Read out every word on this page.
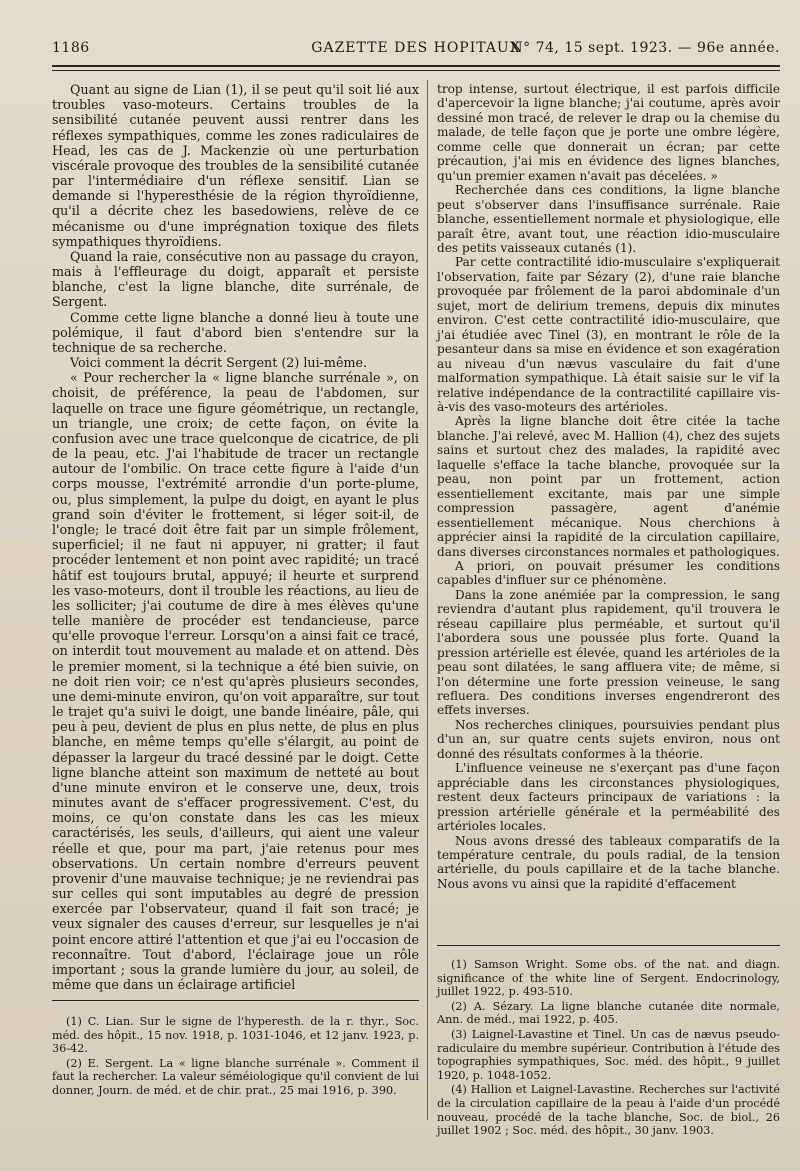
1186	GAZETTE DES HOPITAUX
N° 74, 15 sept. 1923. — 96e année.

Quant au signe de Lian (1), il se peut qu'il soit lié aux troubles vaso-moteurs. Certains troubles de la sensibilité cutanée peuvent aussi rentrer dans les réflexes sympathiques, comme les zones radiculaires de Head, les cas de J. Mackenzie où une perturbation viscérale provoque des troubles de la sensibilité cutanée par l'intermédiaire d'un réflexe sensitif. Lian se demande si l'hyperesthésie de la région thyroïdienne, qu'il a décrite chez les basedowiens, relève de ce mécanisme ou d'une imprégnation toxique des filets sympathiques thyroïdiens.

Quand la raie, consécutive non au passage du crayon, mais à l'effleurage du doigt, apparaît et persiste blanche, c'est la ligne blanche, dite surrénale, de Sergent.

Comme cette ligne blanche a donné lieu à toute une polémique, il faut d'abord bien s'entendre sur la technique de sa recherche.

Voici comment la décrit Sergent (2) lui-même.

« Pour rechercher la « ligne blanche surrénale », on choisit, de préférence, la peau de l'abdomen, sur laquelle on trace une figure géométrique, un rectangle, un triangle, une croix; de cette façon, on évite la confusion avec une trace quelconque de cicatrice, de pli de la peau, etc. J'ai l'habitude de tracer un rectangle autour de l'ombilic. On trace cette figure à l'aide d'un corps mousse, l'extrémité arrondie d'un porte-plume, ou, plus simplement, la pulpe du doigt, en ayant le plus grand soin d'éviter le frottement, si léger soit-il, de l'ongle; le tracé doit être fait par un simple frôlement, superficiel; il ne faut ni appuyer, ni gratter; il faut procéder lentement et non point avec rapidité; un tracé hâtif est toujours brutal, appuyé; il heurte et surprend les vaso-moteurs, dont il trouble les réactions, au lieu de les solliciter; j'ai coutume de dire à mes élèves qu'une telle manière de procéder est tendancieuse, parce qu'elle provoque l'erreur. Lorsqu'on a ainsi fait ce tracé, on interdit tout mouvement au malade et on attend. Dès le premier moment, si la technique a été bien suivie, on ne doit rien voir; ce n'est qu'après plusieurs secondes, une demi-minute environ, qu'on voit apparaître, sur tout le trajet qu'a suivi le doigt, une bande linéaire, pâle, qui peu à peu, devient de plus en plus nette, de plus en plus blanche, en même temps qu'elle s'élargit, au point de dépasser la largeur du tracé dessiné par le doigt. Cette ligne blanche atteint son maximum de netteté au bout d'une minute environ et le conserve une, deux, trois minutes avant de s'effacer progressivement. C'est, du moins, ce qu'on constate dans les cas les mieux caractérisés, les seuls, d'ailleurs, qui aient une valeur réelle et que, pour ma part, j'aie retenus pour mes observations. Un certain nombre d'erreurs peuvent provenir d'une mauvaise technique; je ne reviendrai pas sur celles qui sont imputables au degré de pression exercée par l'observateur, quand il fait son tracé; je veux signaler des causes d'erreur, sur lesquelles je n'ai point encore attiré l'attention et que j'ai eu l'occasion de reconnaître. Tout d'abord, l'éclairage joue un rôle important ; sous la grande lumière du jour, au soleil, de même que dans un éclairage artificiel

trop intense, surtout électrique, il est parfois difficile d'apercevoir la ligne blanche; j'ai coutume, après avoir dessiné mon tracé, de relever le drap ou la chemise du malade, de telle façon que je porte une ombre légère, comme celle que donnerait un écran; par cette précaution, j'ai mis en évidence des lignes blanches, qu'un premier examen n'avait pas décelées. »

Recherchée dans ces conditions, la ligne blanche peut s'observer dans l'insuffisance surrénale. Raie blanche, essentiellement normale et physiologique, elle paraît être, avant tout, une réaction idio-musculaire des petits vaisseaux cutanés (1).

Par cette contractilité idio-musculaire s'expliquerait l'observation, faite par Sézary (2), d'une raie blanche provoquée par frôlement de la paroi abdominale d'un sujet, mort de delirium tremens, depuis dix minutes environ. C'est cette contractilité idio-musculaire, que j'ai étudiée avec Tinel (3), en montrant le rôle de la pesanteur dans sa mise en évidence et son exagération au niveau d'un nævus vasculaire du fait d'une malformation sympathique. Là était saisie sur le vif la relative indépendance de la contractilité capillaire vis-à-vis des vaso-moteurs des artérioles.

Après la ligne blanche doit être citée la tache blanche. J'ai relevé, avec M. Hallion (4), chez des sujets sains et surtout chez des malades, la rapidité avec laquelle s'efface la tache blanche, provoquée sur la peau, non point par un frottement, action essentiellement excitante, mais par une simple compression passagère, agent d'anémie essentiellement mécanique. Nous cherchions à apprécier ainsi la rapidité de la circulation capillaire, dans diverses circonstances normales et pathologiques.

A priori, on pouvait présumer les conditions capables d'influer sur ce phénomène.

Dans la zone anémiée par la compression, le sang reviendra d'autant plus rapidement, qu'il trouvera le réseau capillaire plus perméable, et surtout qu'il l'abordera sous une poussée plus forte. Quand la pression artérielle est élevée, quand les artérioles de la peau sont dilatées, le sang affluera vite; de même, si l'on détermine une forte pression veineuse, le sang refluera. Des conditions inverses engendreront des effets inverses.

Nos recherches cliniques, poursuivies pendant plus d'un an, sur quatre cents sujets environ, nous ont donné des résultats conformes à la théorie.

L'influence veineuse ne s'exerçant pas d'une façon appréciable dans les circonstances physiologiques, restent deux facteurs principaux de variations : la pression artérielle générale et la perméabilité des artérioles locales.

Nous avons dressé des tableaux comparatifs de la température centrale, du pouls radial, de la tension artérielle, du pouls capillaire et de la tache blanche. Nous avons vu ainsi que la rapidité d'effacement

(1) C. Lian. Sur le signe de l'hyperesth. de la r. thyr., Soc. méd. des hôpit., 15 nov. 1918, p. 1031-1046, et 12 janv. 1923, p. 36-42.

(2) E. Sergent. La « ligne blanche surrénale ». Comment il faut la rechercher. La valeur séméiologique qu'il convient de lui donner, Journ. de méd. et de chir. prat., 25 mai 1916, p. 390.

(1) Samson Wright. Some obs. of the nat. and diagn. significance of the white line of Sergent. Endocrinology, juillet 1922, p. 493-510.

(2) A. Sézary. La ligne blanche cutanée dite normale, Ann. de méd., mai 1922, p. 405.

(3) Laignel-Lavastine et Tinel. Un cas de nævus pseudo-radiculaire du membre supérieur. Contribution à l'étude des topographies sympathiques, Soc. méd. des hôpit., 9 juillet 1920, p. 1048-1052.

(4) Hallion et Laignel-Lavastine. Recherches sur l'activité de la circulation capillaire de la peau à l'aide d'un procédé nouveau, procédé de la tache blanche, Soc. de biol., 26 juillet 1902 ; Soc. méd. des hôpit., 30 janv. 1903.
